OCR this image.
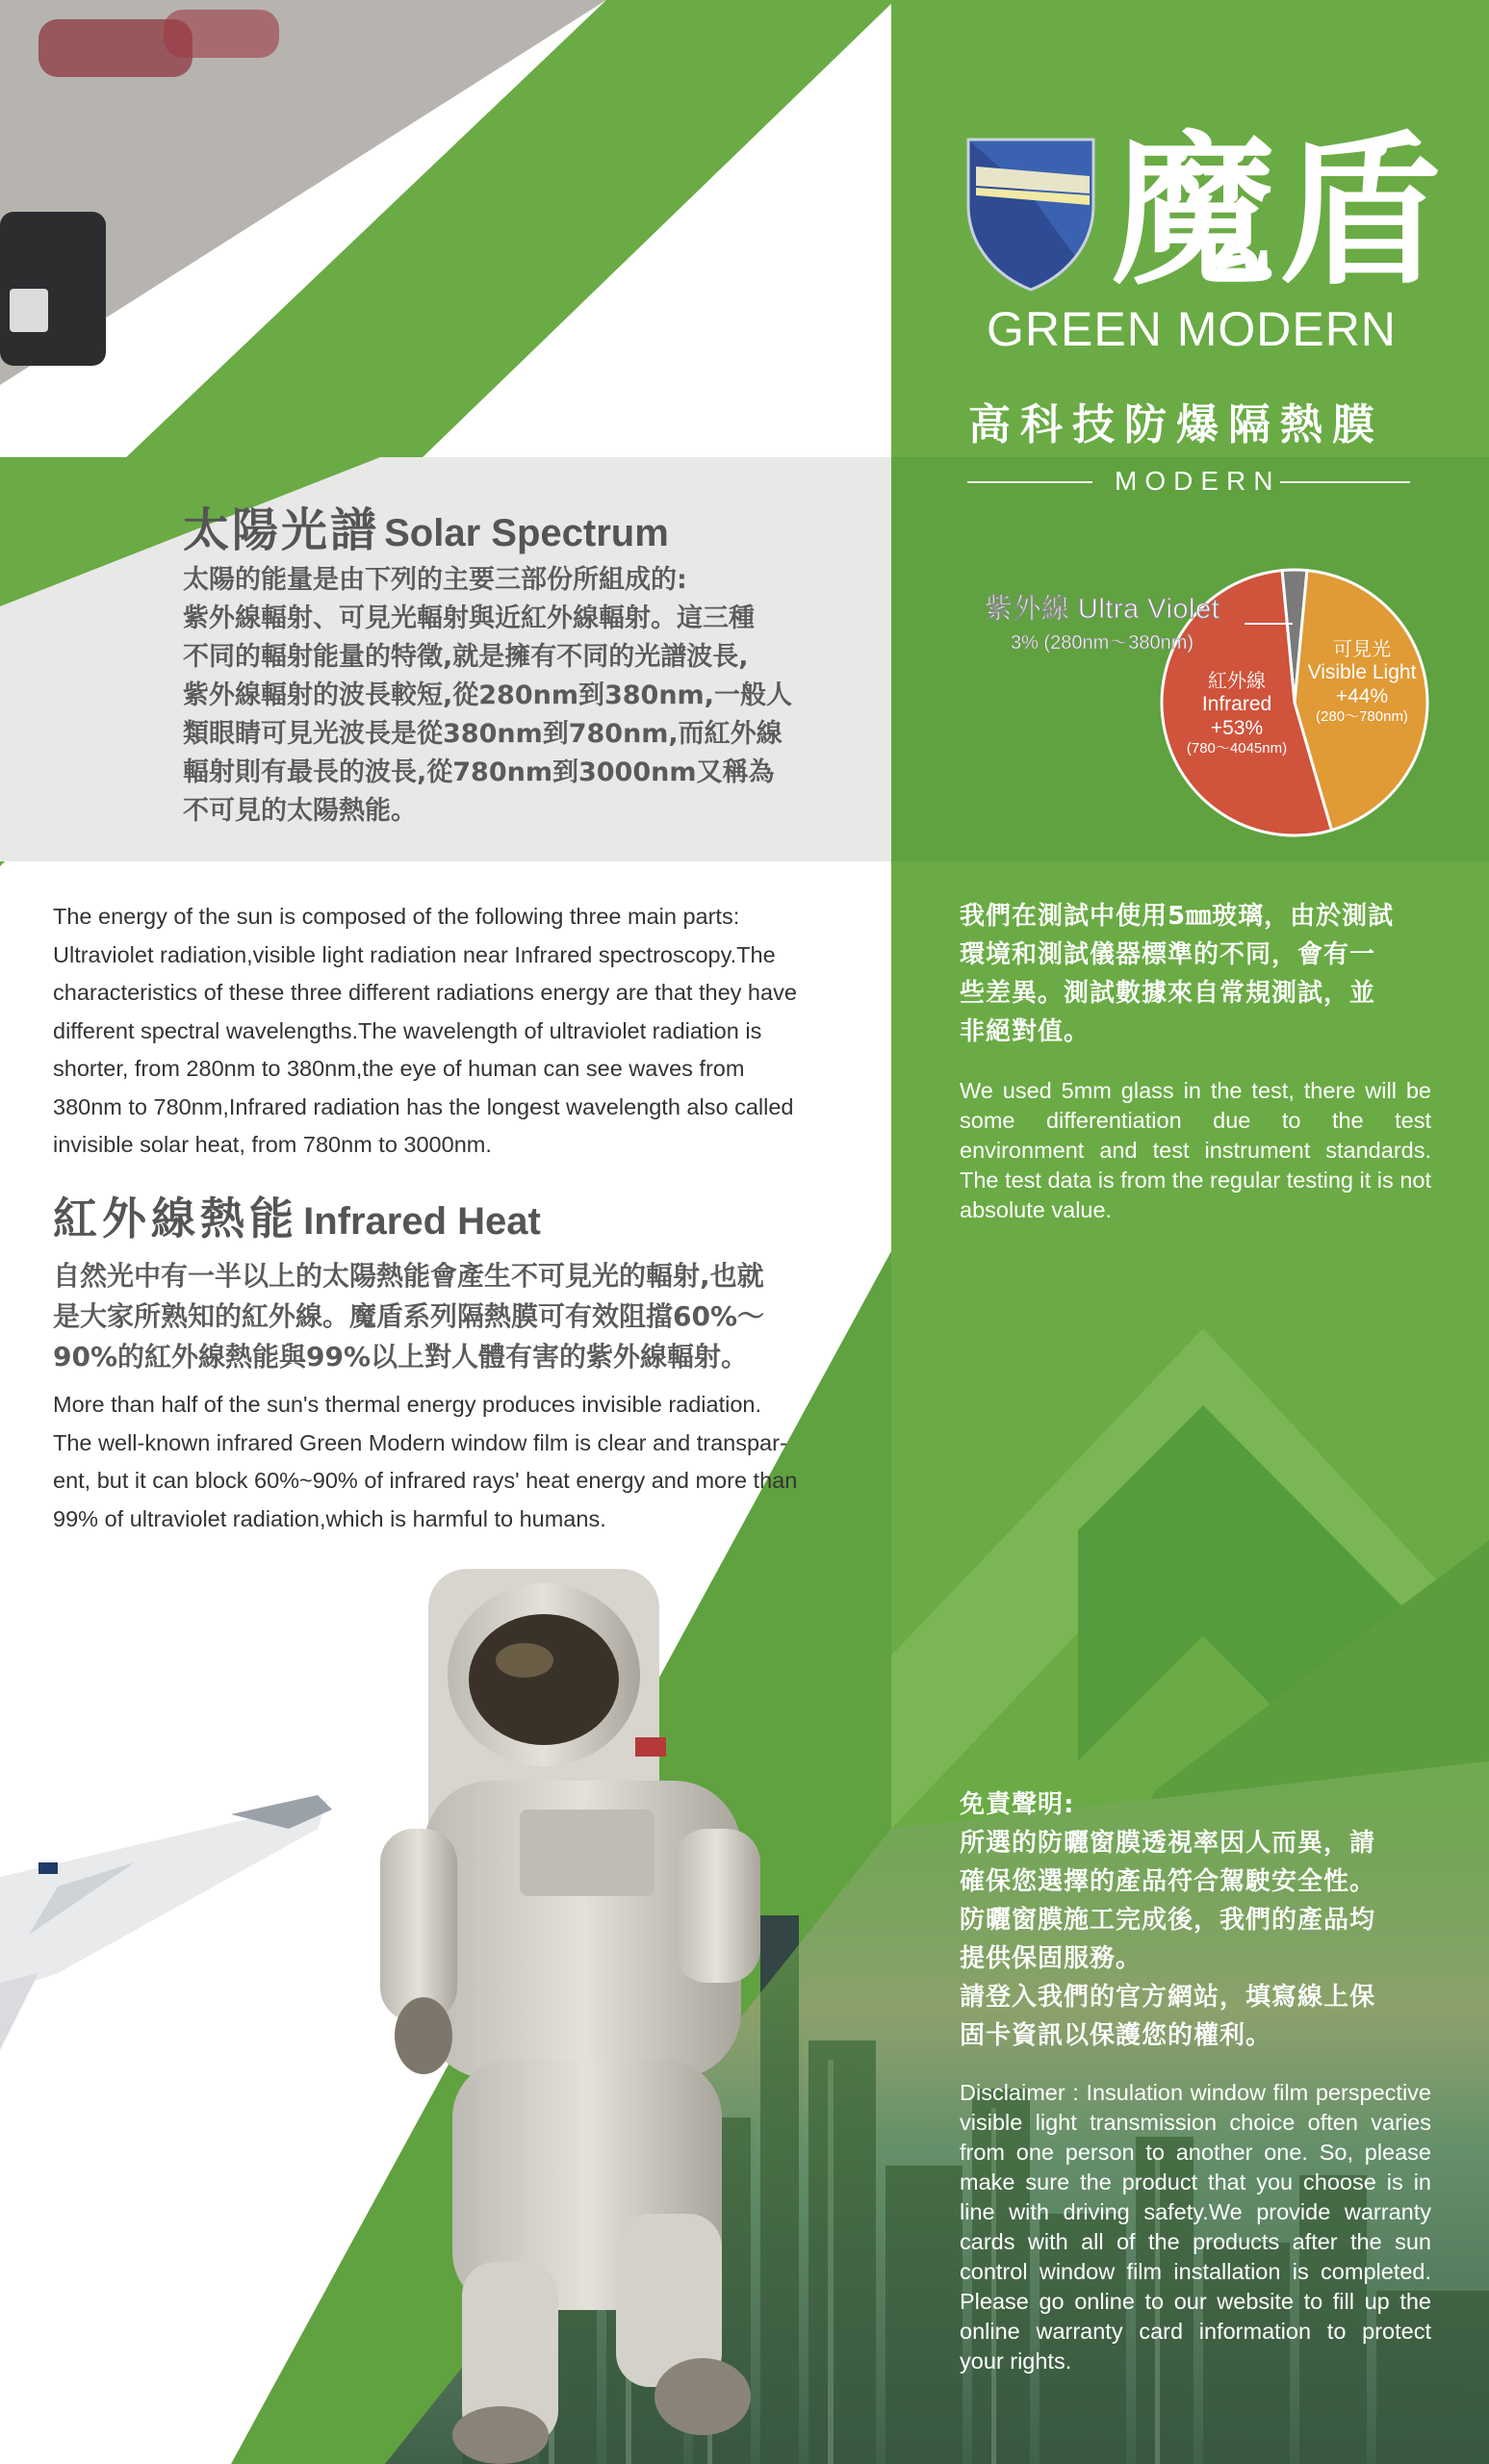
魔盾
GREEN MODERN
高科技防爆隔熱膜
MODERN
太陽光譜 Solar Spectrum

太陽的能量是由下列的主要三部份所組成的:

紫外線輻射、可見光輻射與近紅外線輻射。這三種

不同的輻射能量的特徵,就是擁有不同的光譜波長,

紫外線輻射的波長較短,從280nm到380nm,一般人

類眼睛可見光波長是從380nm到780nm,而紅外線

輻射則有最長的波長,從780nm到3000nm又稱為

不可見的太陽熱能。

The energy of the sun is composed of the following three main parts:

Ultraviolet radiation,visible light radiation near Infrared spectroscopy.The

characteristics of these three different radiations energy are that they have

different spectral wavelengths.The wavelength of ultraviolet radiation is

shorter, from 280nm to 380nm,the eye of human can see waves from

380nm to 780nm,Infrared radiation has the longest wavelength also called

invisible solar heat, from 780nm to 3000nm.

紅外線熱能 Infrared Heat

自然光中有一半以上的太陽熱能會產生不可見光的輻射,也就

是大家所熟知的紅外線。魔盾系列隔熱膜可有效阻擋60%～

90%的紅外線熱能與99%以上對人體有害的紫外線輻射。

More than half of the sun's thermal energy produces invisible radiation.

The well-known infrared Green Modern window film is clear and transpar-

ent, but it can block 60%~90% of infrared rays' heat energy and more than

99% of ultraviolet radiation,which is harmful to humans.

紫外線 Ultra Violet
3% (280nm～380nm)
紅外線
Infrared
+53%
(780～4045nm)
可見光
Visible Light
+44%
(280～780nm)

我們在測試中使用5㎜玻璃，由於測試

環境和測試儀器標準的不同，會有一

些差異。測試數據來自常規測試，並

非絕對值。

We used 5mm glass in the test, there will be some differentiation due to the test environment and test instrument standards. The test data is from the regular testing it is not absolute value.

免責聲明:

所選的防曬窗膜透視率因人而異，請

確保您選擇的產品符合駕駛安全性。

防曬窗膜施工完成後，我們的產品均

提供保固服務。

請登入我們的官方網站，填寫線上保

固卡資訊以保護您的權利。

Disclaimer : Insulation window film perspective visible light transmission choice often varies from one person to another one. So, please make sure the product that you choose is in line with driving safety.We provide warranty cards with all of the products after the sun control window film installation is completed. Please go online to our website to fill up the online warranty card information to protect your rights.
